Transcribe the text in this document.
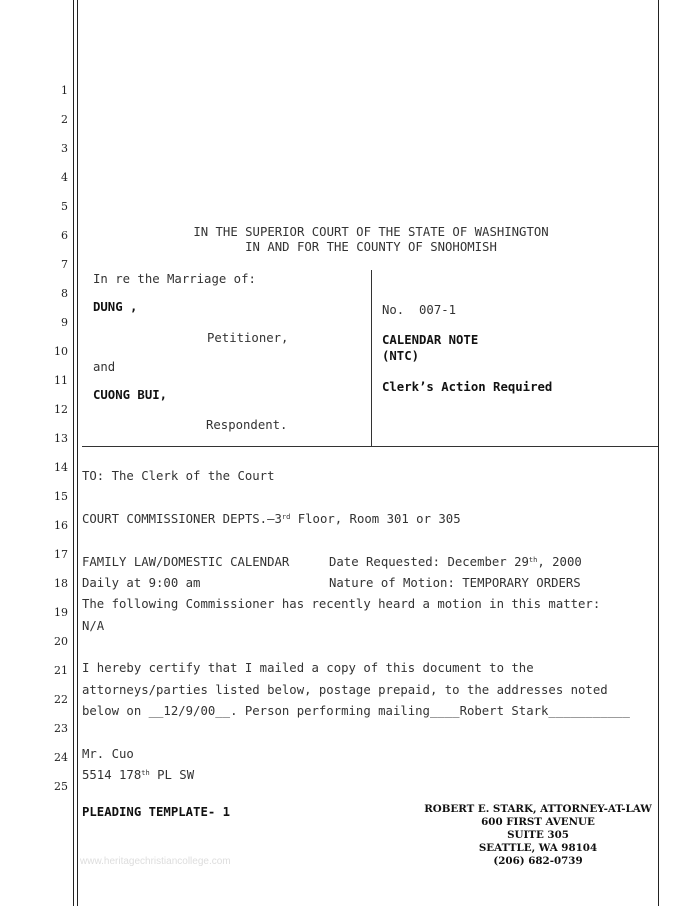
1
2
3
4
5
6
7
8
9
10
11
12
13
14
15
16
17
18
19
20
21
22
23
24
25
IN THE SUPERIOR COURT OF THE STATE OF WASHINGTON
IN AND FOR THE COUNTY OF SNOHOMISH
In re the Marriage of:
DUNG ,
Petitioner,
and
CUONG BUI,
Respondent.
No.  007-1
CALENDAR NOTE
(NTC)
Clerk’s Action Required
TO: The Clerk of the Court
COURT COMMISSIONER DEPTS.–3rd Floor, Room 301 or 305
FAMILY LAW/DOMESTIC CALENDAR	Date Requested: December 29th, 2000
Daily at 9:00 am	Nature of Motion: TEMPORARY ORDERS
The following Commissioner has recently heard a motion in this matter:
N/A
I hereby certify that I mailed a copy of this document to the
attorneys/parties listed below, postage prepaid, to the addresses noted
below on __12/9/00__. Person performing mailing____Robert Stark___________
Mr. Cuo
5514 178th PL SW
PLEADING TEMPLATE- 1	ROBERT E. STARK, ATTORNEY-AT-LAW
600 FIRST AVENUE
SUITE 305
SEATTLE, WA 98104
(206) 682-0739
www.heritagechristiancollege.com
